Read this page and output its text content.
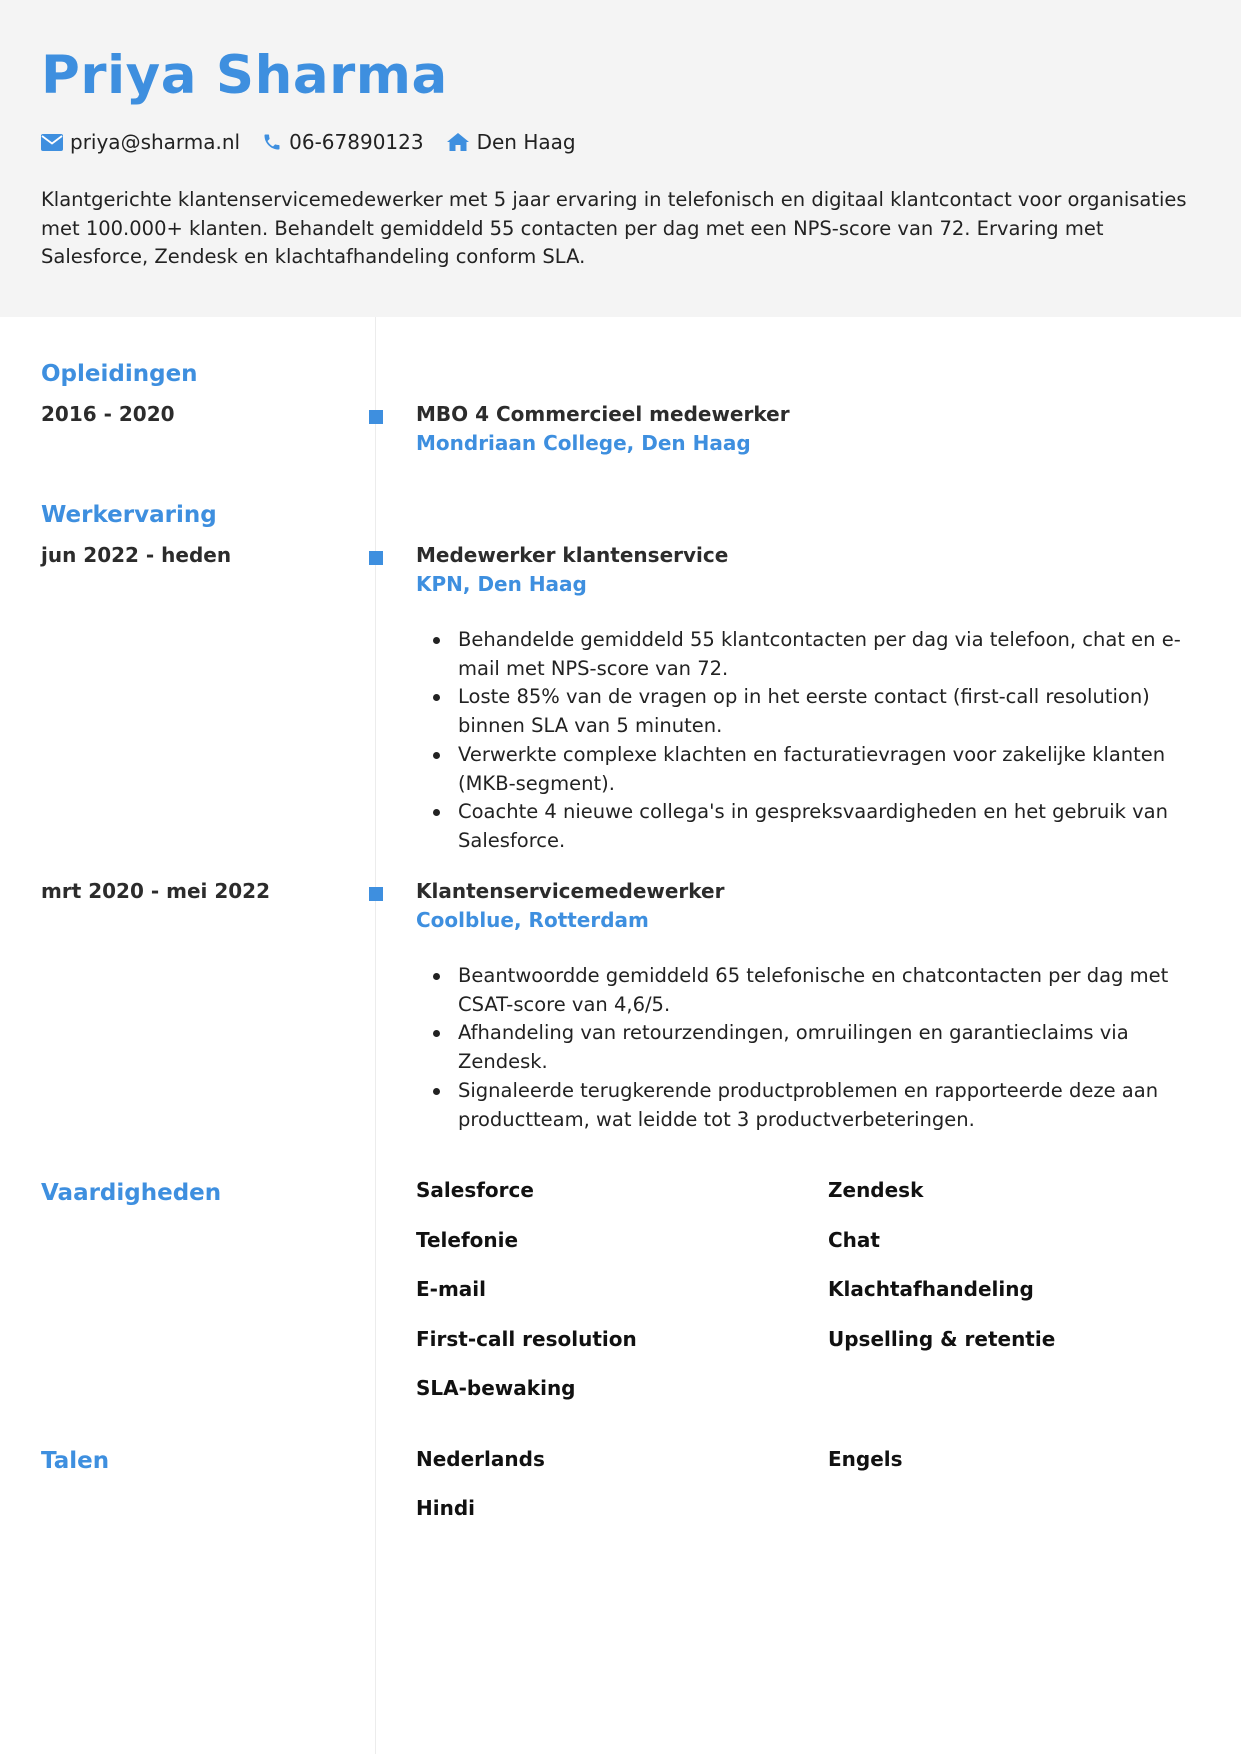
Priya Sharma
priya@sharma.nl 06-67890123	Den Haag

Klantgerichte klantenservicemedewerker met 5 jaar ervaring in telefonisch en digitaal klantcontact voor organisaties met 100.000+ klanten. Behandelt gemiddeld 55 contacten per dag met een NPS-score van 72. Ervaring met Salesforce, Zendesk en klachtafhandeling conform SLA.

Opleidingen
2016 - 2020	MBO 4 Commercieel medewerker
Mondriaan College, Den Haag
Werkervaring
jun 2022 - heden	Medewerker klantenservice
KPN, Den Haag
Behandelde gemiddeld 55 klantcontacten per dag via telefoon, chat en e-mail met NPS-score van 72.
Loste 85% van de vragen op in het eerste contact (first-call resolution) binnen SLA van 5 minuten.
Verwerkte complexe klachten en facturatievragen voor zakelijke klanten (MKB-segment).
Coachte 4 nieuwe collega's in gespreksvaardigheden en het gebruik van Salesforce.
mrt 2020 - mei 2022	Klantenservicemedewerker
Coolblue, Rotterdam
Beantwoordde gemiddeld 65 telefonische en chatcontacten per dag met CSAT-score van 4,6/5.
Afhandeling van retourzendingen, omruilingen en garantieclaims via Zendesk.
Signaleerde terugkerende productproblemen en rapporteerde deze aan productteam, wat leidde tot 3 productverbeteringen.
Vaardigheden	Salesforce	Zendesk
Telefonie	Chat
E-mail	Klachtafhandeling
First-call resolution	Upselling & retentie
SLA-bewaking
Talen	Nederlands	Engels
Hindi
